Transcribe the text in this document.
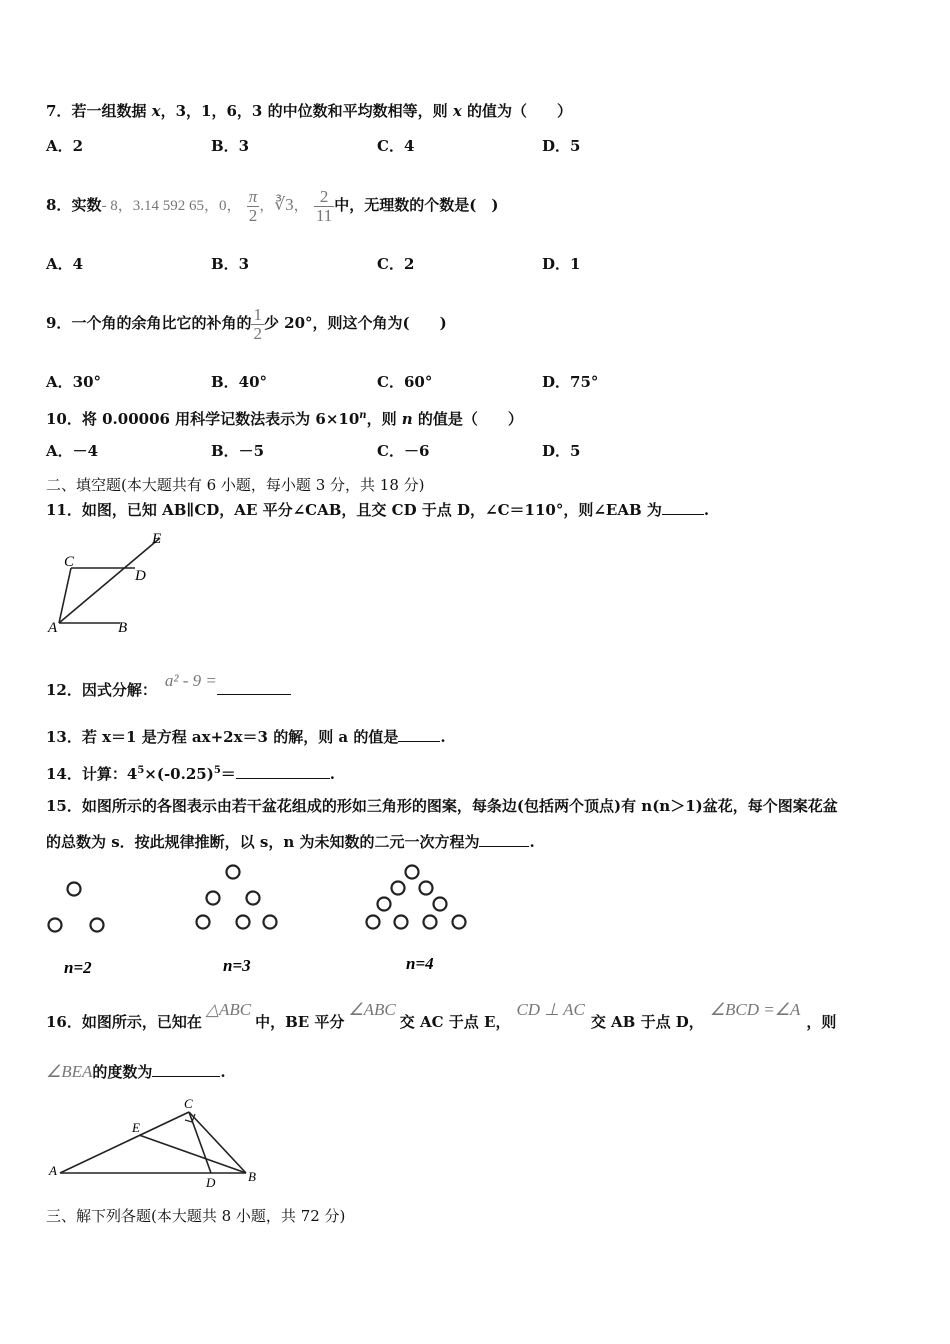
7．若一组数据 x，3，1，6，3 的中位数和平均数相等，则 x 的值为（　　）
A．2	B．3	C．4	D．5
8．实数- 8，3.14 592 65，0， $\frac{\pi}{2}$ ，∛3， $\frac{2}{11}$ 中，无理数的个数是(　)
A．4	B．3	C．2	D．1
9．一个角的余角比它的补角的 $\frac{1}{2}$ 少 20°，则这个角为(　　)
A．30°	B．40°	C．60°	D．75°
10．将 0.00006 用科学记数法表示为 $6\times 10^n$，则 n 的值是（　　）
A．－4	B．－5	C．－6	D．5
二、填空题(本大题共有 6 小题，每小题 3 分，共 18 分)
11．如图，已知 AB∥CD，AE 平分∠CAB，且交 CD 于点 D，∠C＝110°，则∠EAB 为	.
E
C
D
A	B
12．因式分解： a² - 9 =
13．若 x＝1 是方程 ax+2x＝3 的解，则 a 的值是	.
14．计算：$4^5\times(-0.25)^5=$	.
15．如图所示的各图表示由若干盆花组成的形如三角形的图案，每条边(包括两个顶点)有 n(n＞1)盆花，每个图案花盆
的总数为 s．按此规律推断，以 s，n 为未知数的二元一次方程为	.
n=2	n=3	n=4
16．如图所示，已知在△ABC中，BE 平分∠ABC交 AC 于点 E，CD ⊥ AC交 AB 于点 D，∠BCD =∠A，则
∠BEA的度数为	.
C
E
A
D	B
三、解下列各题(本大题共 8 小题，共 72 分)
